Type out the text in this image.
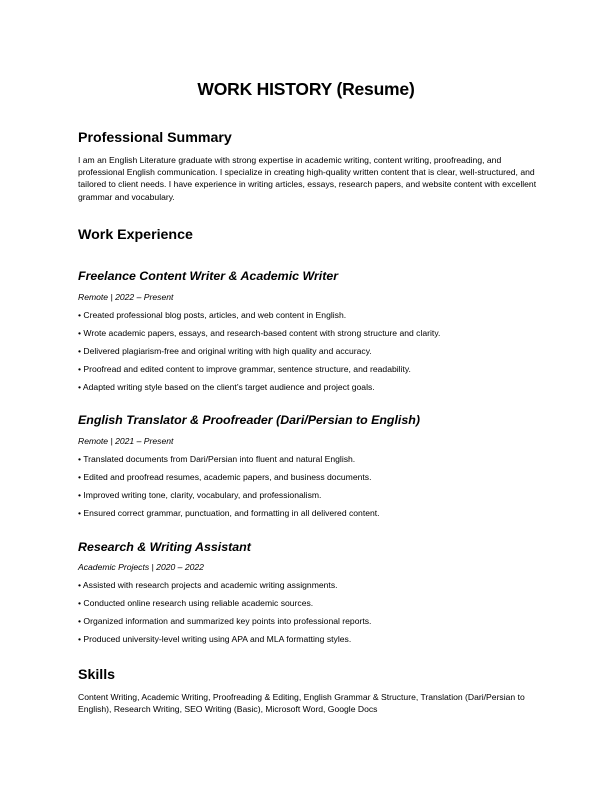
WORK HISTORY (Resume)
Professional Summary
I am an English Literature graduate with strong expertise in academic writing, content writing, proofreading, and professional English communication. I specialize in creating high-quality written content that is clear, well-structured, and tailored to client needs. I have experience in writing articles, essays, research papers, and website content with excellent grammar and vocabulary.
Work Experience
Freelance Content Writer & Academic Writer
Remote | 2022 – Present
• Created professional blog posts, articles, and web content in English.
• Wrote academic papers, essays, and research-based content with strong structure and clarity.
• Delivered plagiarism-free and original writing with high quality and accuracy.
• Proofread and edited content to improve grammar, sentence structure, and readability.
• Adapted writing style based on the client’s target audience and project goals.
English Translator & Proofreader (Dari/Persian to English)
Remote | 2021 – Present
• Translated documents from Dari/Persian into fluent and natural English.
• Edited and proofread resumes, academic papers, and business documents.
• Improved writing tone, clarity, vocabulary, and professionalism.
• Ensured correct grammar, punctuation, and formatting in all delivered content.
Research & Writing Assistant
Academic Projects | 2020 – 2022
• Assisted with research projects and academic writing assignments.
• Conducted online research using reliable academic sources.
• Organized information and summarized key points into professional reports.
• Produced university-level writing using APA and MLA formatting styles.
Skills
Content Writing, Academic Writing, Proofreading & Editing, English Grammar & Structure, Translation (Dari/Persian to English), Research Writing, SEO Writing (Basic), Microsoft Word, Google Docs
